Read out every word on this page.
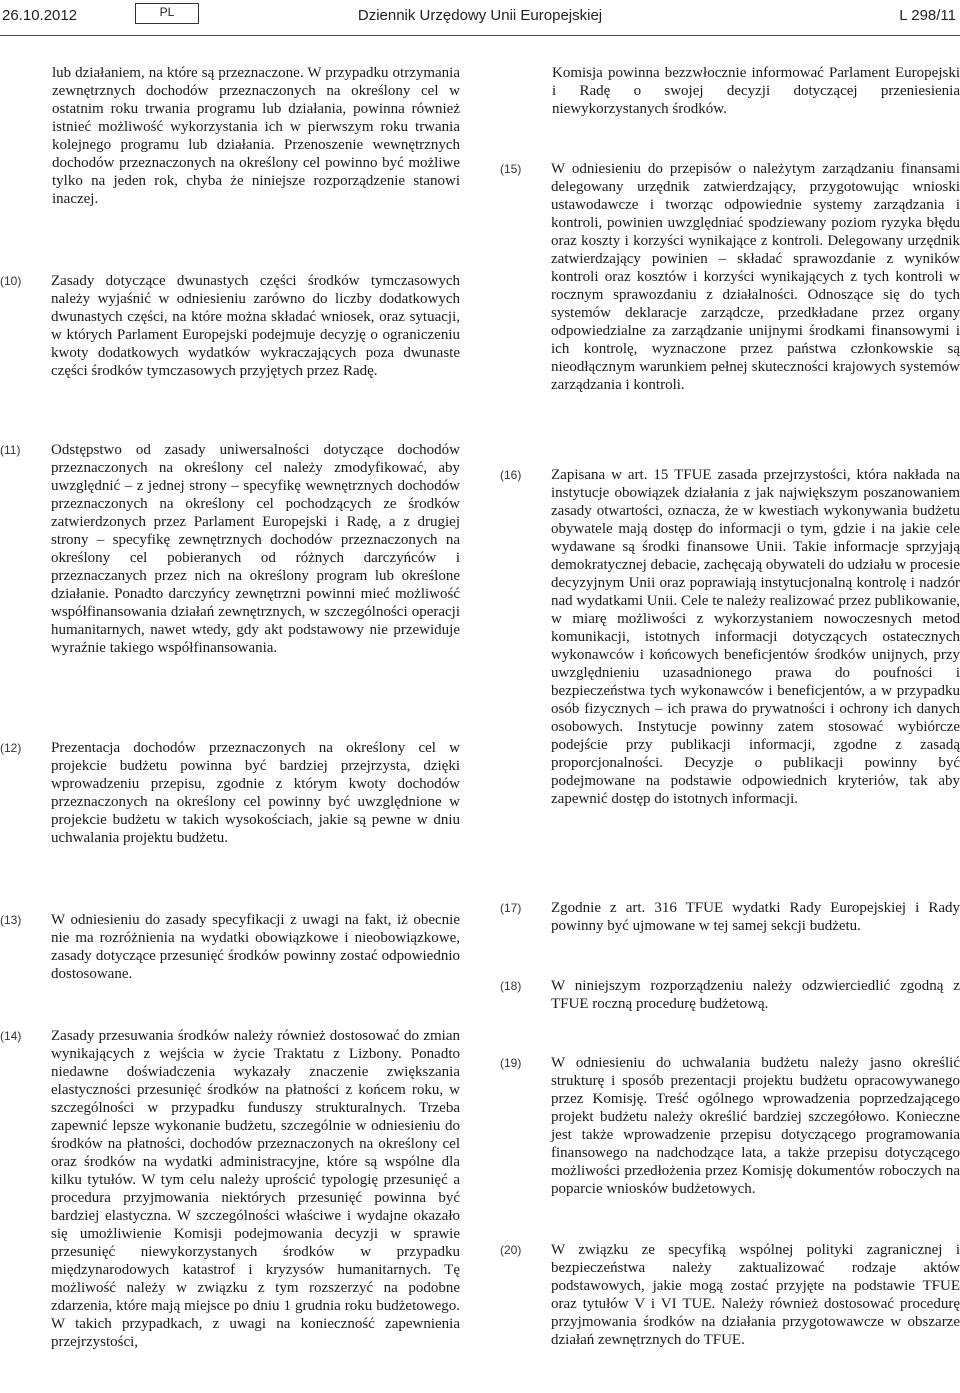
26.10.2012	PL	Dziennik Urzędowy Unii Europejskiej	L 298/11
lub działaniem, na które są przeznaczone. W przypadku otrzymania zewnętrznych dochodów przeznaczonych na określony cel w ostatnim roku trwania programu lub działania, powinna również istnieć możliwość wykorzystania ich w pierwszym roku trwania kolejnego programu lub działania. Przenoszenie wewnętrznych dochodów przeznaczonych na określony cel powinno być możliwe tylko na jeden rok, chyba że niniejsze rozporządzenie stanowi inaczej.
(10)	Zasady dotyczące dwunastych części środków tymczasowych należy wyjaśnić w odniesieniu zarówno do liczby dodatkowych dwunastych części, na które można składać wniosek, oraz sytuacji, w których Parlament Europejski podejmuje decyzję o ograniczeniu kwoty dodatkowych wydatków wykraczających poza dwunaste części środków tymczasowych przyjętych przez Radę.
(11)	Odstępstwo od zasady uniwersalności dotyczące dochodów przeznaczonych na określony cel należy zmodyfikować, aby uwzględnić – z jednej strony – specyfikę wewnętrznych dochodów przeznaczonych na określony cel pochodzących ze środków zatwierdzonych przez Parlament Europejski i Radę, a z drugiej strony – specyfikę zewnętrznych dochodów przeznaczonych na określony cel pobieranych od różnych darczyńców i przeznaczanych przez nich na określony program lub określone działanie. Ponadto darczyńcy zewnętrzni powinni mieć możliwość współfinansowania działań zewnętrznych, w szczególności operacji humanitarnych, nawet wtedy, gdy akt podstawowy nie przewiduje wyraźnie takiego współfinansowania.
(12)	Prezentacja dochodów przeznaczonych na określony cel w projekcie budżetu powinna być bardziej przejrzysta, dzięki wprowadzeniu przepisu, zgodnie z którym kwoty dochodów przeznaczonych na określony cel powinny być uwzględnione w projekcie budżetu w takich wysokościach, jakie są pewne w dniu uchwalania projektu budżetu.
(13)	W odniesieniu do zasady specyfikacji z uwagi na fakt, iż obecnie nie ma rozróżnienia na wydatki obowiązkowe i nieobowiązkowe, zasady dotyczące przesunięć środków powinny zostać odpowiednio dostosowane.
(14)	Zasady przesuwania środków należy również dostosować do zmian wynikających z wejścia w życie Traktatu z Lizbony. Ponadto niedawne doświadczenia wykazały znaczenie zwiększania elastyczności przesunięć środków na płatności z końcem roku, w szczególności w przypadku funduszy strukturalnych. Trzeba zapewnić lepsze wykonanie budżetu, szczególnie w odniesieniu do środków na płatności, dochodów przeznaczonych na określony cel oraz środków na wydatki administracyjne, które są wspólne dla kilku tytułów. W tym celu należy uprościć typologię przesunięć a procedura przyjmowania niektórych przesunięć powinna być bardziej elastyczna. W szczególności właściwe i wydajne okazało się umożliwienie Komisji podejmowania decyzji w sprawie przesunięć niewykorzystanych środków w przypadku międzynarodowych katastrof i kryzysów humanitarnych. Tę możliwość należy w związku z tym rozszerzyć na podobne zdarzenia, które mają miejsce po dniu 1 grudnia roku budżetowego. W takich przypadkach, z uwagi na konieczność zapewnienia przejrzystości,
Komisja powinna bezzwłocznie informować Parlament Europejski i Radę o swojej decyzji dotyczącej przeniesienia niewykorzystanych środków.
(15)	W odniesieniu do przepisów o należytym zarządzaniu finansami delegowany urzędnik zatwierdzający, przygotowując wnioski ustawodawcze i tworząc odpowiednie systemy zarządzania i kontroli, powinien uwzględniać spodziewany poziom ryzyka błędu oraz koszty i korzyści wynikające z kontroli. Delegowany urzędnik zatwierdzający powinien – składać sprawozdanie z wyników kontroli oraz kosztów i korzyści wynikających z tych kontroli w rocznym sprawozdaniu z działalności. Odnoszące się do tych systemów deklaracje zarządcze, przedkładane przez organy odpowiedzialne za zarządzanie unijnymi środkami finansowymi i ich kontrolę, wyznaczone przez państwa członkowskie są nieodłącznym warunkiem pełnej skuteczności krajowych systemów zarządzania i kontroli.
(16)	Zapisana w art. 15 TFUE zasada przejrzystości, która nakłada na instytucje obowiązek działania z jak największym poszanowaniem zasady otwartości, oznacza, że w kwestiach wykonywania budżetu obywatele mają dostęp do informacji o tym, gdzie i na jakie cele wydawane są środki finansowe Unii. Takie informacje sprzyjają demokratycznej debacie, zachęcają obywateli do udziału w procesie decyzyjnym Unii oraz poprawiają instytucjonalną kontrolę i nadzór nad wydatkami Unii. Cele te należy realizować przez publikowanie, w miarę możliwości z wykorzystaniem nowoczesnych metod komunikacji, istotnych informacji dotyczących ostatecznych wykonawców i końcowych beneficjentów środków unijnych, przy uwzględnieniu uzasadnionego prawa do poufności i bezpieczeństwa tych wykonawców i beneficjentów, a w przypadku osób fizycznych – ich prawa do prywatności i ochrony ich danych osobowych. Instytucje powinny zatem stosować wybiórcze podejście przy publikacji informacji, zgodne z zasadą proporcjonalności. Decyzje o publikacji powinny być podejmowane na podstawie odpowiednich kryteriów, tak aby zapewnić dostęp do istotnych informacji.
(17)	Zgodnie z art. 316 TFUE wydatki Rady Europejskiej i Rady powinny być ujmowane w tej samej sekcji budżetu.
(18)	W niniejszym rozporządzeniu należy odzwierciedlić zgodną z TFUE roczną procedurę budżetową.
(19)	W odniesieniu do uchwalania budżetu należy jasno określić strukturę i sposób prezentacji projektu budżetu opracowywanego przez Komisję. Treść ogólnego wprowadzenia poprzedzającego projekt budżetu należy określić bardziej szczegółowo. Konieczne jest także wprowadzenie przepisu dotyczącego programowania finansowego na nadchodzące lata, a także przepisu dotyczącego możliwości przedłożenia przez Komisję dokumentów roboczych na poparcie wniosków budżetowych.
(20)	W związku ze specyfiką wspólnej polityki zagranicznej i bezpieczeństwa należy zaktualizować rodzaje aktów podstawowych, jakie mogą zostać przyjęte na podstawie TFUE oraz tytułów V i VI TUE. Należy również dostosować procedurę przyjmowania środków na działania przygotowawcze w obszarze działań zewnętrznych do TFUE.
